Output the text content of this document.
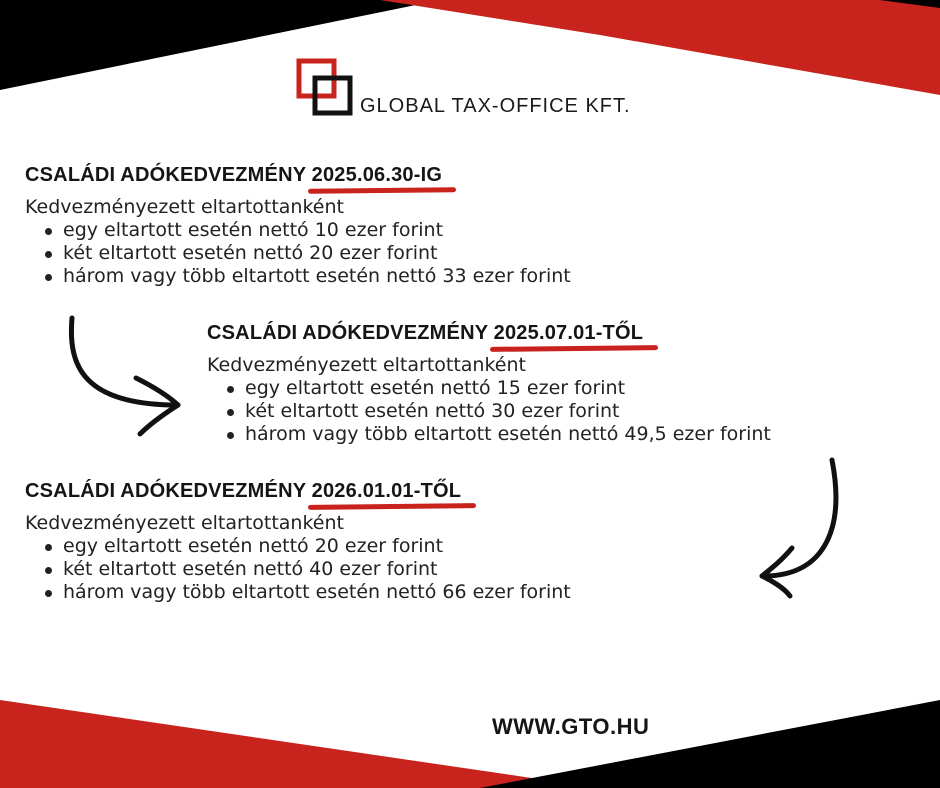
GLOBAL TAX-OFFICE KFT.
CSALÁDI ADÓKEDVEZMÉNY 2025.06.30-IG
Kedvezményezett eltartottanként
egy eltartott esetén nettó 10 ezer forint
két eltartott esetén nettó 20 ezer forint
három vagy több eltartott esetén nettó 33 ezer forint
CSALÁDI ADÓKEDVEZMÉNY 2025.07.01-TŐL
Kedvezményezett eltartottanként
egy eltartott esetén nettó 15 ezer forint
két eltartott esetén nettó 30 ezer forint
három vagy több eltartott esetén nettó 49,5 ezer forint
CSALÁDI ADÓKEDVEZMÉNY 2026.01.01-TŐL
Kedvezményezett eltartottanként
egy eltartott esetén nettó 20 ezer forint
két eltartott esetén nettó 40 ezer forint
három vagy több eltartott esetén nettó 66 ezer forint
WWW.GTO.HU
